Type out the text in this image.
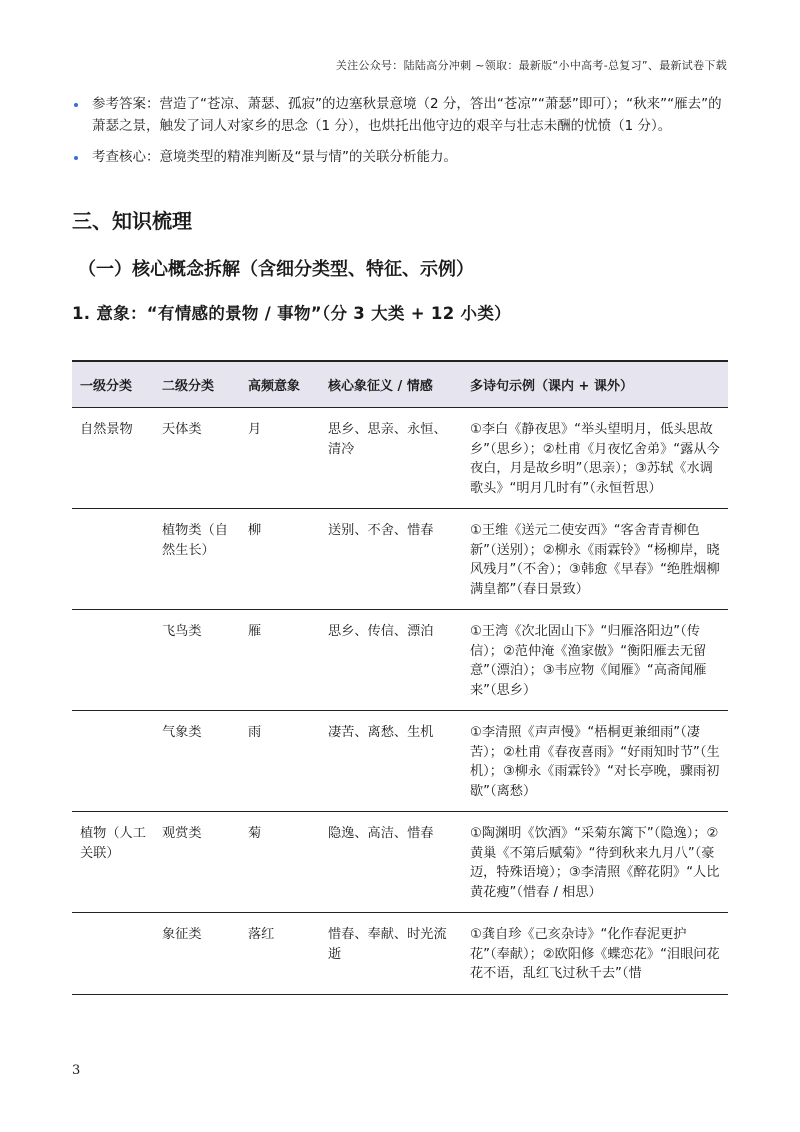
关注公众号：陆陆高分冲刺 ~领取：最新版“小中高考-总复习”、最新试卷下载
参考答案：营造了“苍凉、萧瑟、孤寂”的边塞秋景意境（2 分，答出“苍凉”“萧瑟”即可）；“秋来”“雁去”的萧瑟之景，触发了词人对家乡的思念（1 分），也烘托出他守边的艰辛与壮志未酬的忧愤（1 分）。
考查核心：意境类型的精准判断及“景与情”的关联分析能力。
三、知识梳理
（一）核心概念拆解（含细分类型、特征、示例）
1. 意象：“有情感的景物 / 事物”（分 3 大类 + 12 小类）
一级分类	二级分类	高频意象	核心象征义 / 情感	多诗句示例（课内 + 课外）
自然景物	天体类	月	思乡、思亲、永恒、清冷	①李白《静夜思》“举头望明月，低头思故乡”（思乡）；②杜甫《月夜忆舍弟》“露从今夜白，月是故乡明”（思亲）；③苏轼《水调歌头》“明月几时有”（永恒哲思）
	植物类（自然生长）	柳	送别、不舍、惜春	①王维《送元二使安西》“客舍青青柳色新”（送别）；②柳永《雨霖铃》“杨柳岸，晓风残月”（不舍）；③韩愈《早春》“绝胜烟柳满皇都”（春日景致）
	飞鸟类	雁	思乡、传信、漂泊	①王湾《次北固山下》“归雁洛阳边”（传信）；②范仲淹《渔家傲》“衡阳雁去无留意”（漂泊）；③韦应物《闻雁》“高斋闻雁来”（思乡）
	气象类	雨	凄苦、离愁、生机	①李清照《声声慢》“梧桐更兼细雨”（凄苦）；②杜甫《春夜喜雨》“好雨知时节”（生机）；③柳永《雨霖铃》“对长亭晚，骤雨初歇”（离愁）
植物（人工关联）	观赏类	菊	隐逸、高洁、惜春	①陶渊明《饮酒》“采菊东篱下”（隐逸）；②黄巢《不第后赋菊》“待到秋来九月八”（豪迈，特殊语境）；③李清照《醉花阴》“人比黄花瘦”（惜春 / 相思）
	象征类	落红	惜春、奉献、时光流逝	①龚自珍《己亥杂诗》“化作春泥更护花”（奉献）；②欧阳修《蝶恋花》“泪眼问花花不语，乱红飞过秋千去”（惜
3
